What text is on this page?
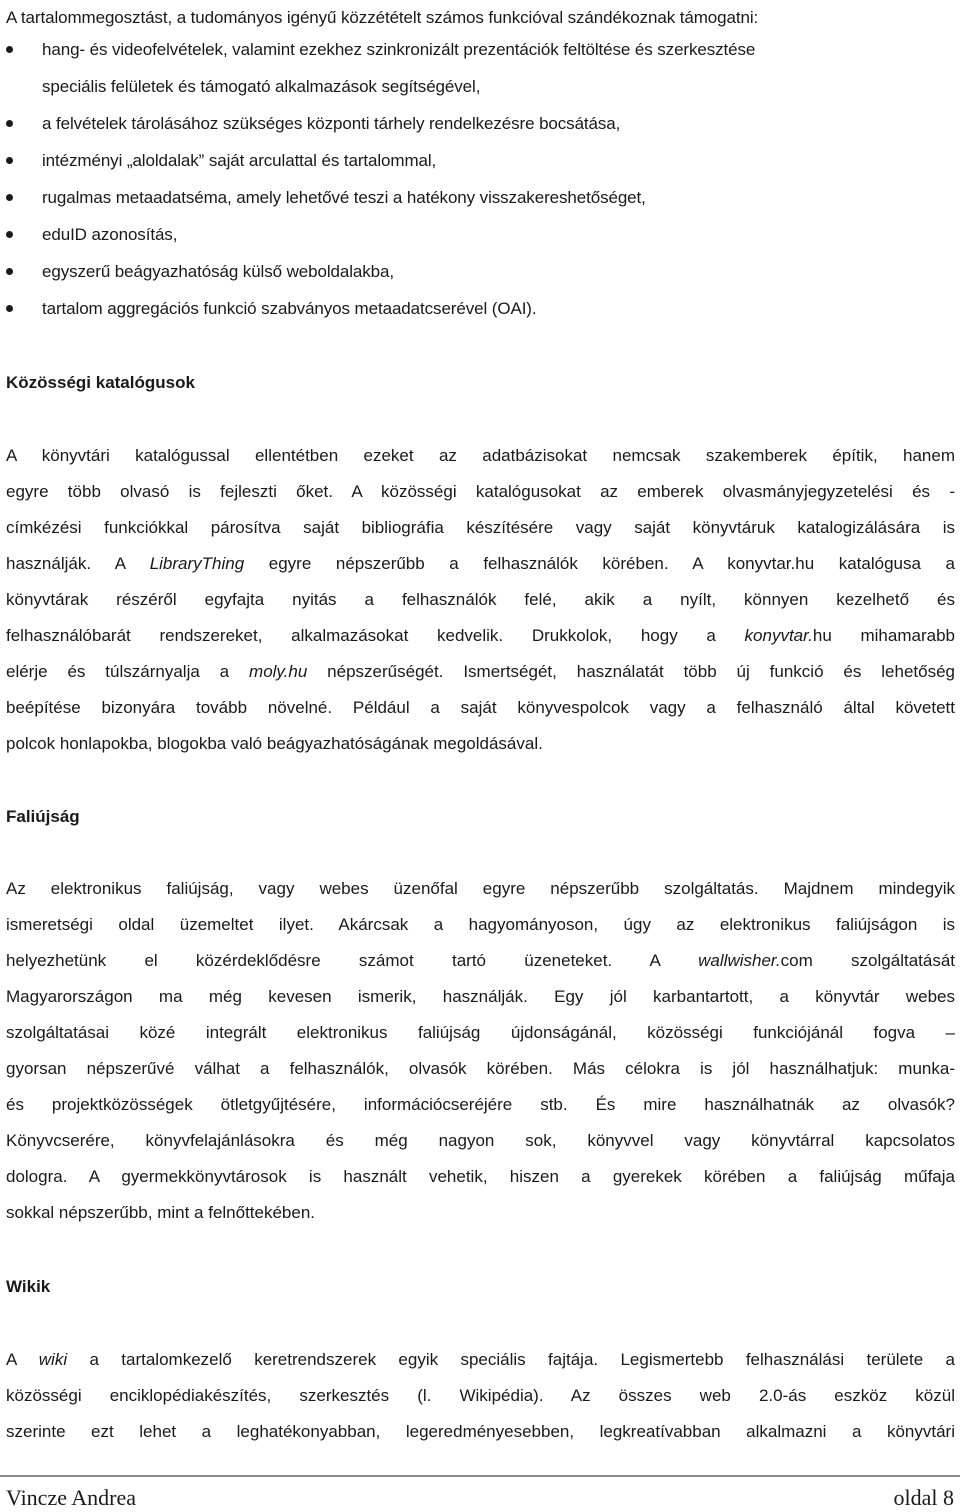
A tartalommegosztást, a tudományos igényű közzétételt számos funkcióval szándékoznak támogatni:
hang- és videofelvételek, valamint ezekhez szinkronizált prezentációk feltöltése és szerkesztése
speciális felületek és támogató alkalmazások segítségével,
a felvételek tárolásához szükséges központi tárhely rendelkezésre bocsátása,
intézményi „aloldalak” saját arculattal és tartalommal,
rugalmas metaadatséma, amely lehetővé teszi a hatékony visszakereshetőséget,
eduID azonosítás,
egyszerű beágyazhatóság külső weboldalakba,
tartalom aggregációs funkció szabványos metaadatcserével (OAI).
Közösségi katalógusok
A könyvtári katalógussal ellentétben ezeket az adatbázisokat nemcsak szakemberek építik, hanem
egyre több olvasó is fejleszti őket. A közösségi katalógusokat az emberek olvasmányjegyzetelési és -
címkézési funkciókkal párosítva saját bibliográfia készítésére vagy saját könyvtáruk katalogizálására is
használják. A LibraryThing egyre népszerűbb a felhasználók körében. A konyvtar.hu katalógusa a
könyvtárak részéről egyfajta nyitás a felhasználók felé, akik a nyílt, könnyen kezelhető és
felhasználóbarát rendszereket, alkalmazásokat kedvelik. Drukkolok, hogy a konyvtar.hu mihamarabb
elérje és túlszárnyalja a moly.hu népszerűségét. Ismertségét, használatát több új funkció és lehetőség
beépítése bizonyára tovább növelné. Például a saját könyvespolcok vagy a felhasználó által követett
polcok honlapokba, blogokba való beágyazhatóságának megoldásával.
Faliújság
Az elektronikus faliújság, vagy webes üzenőfal egyre népszerűbb szolgáltatás. Majdnem mindegyik
ismeretségi oldal üzemeltet ilyet. Akárcsak a hagyományoson, úgy az elektronikus faliújságon is
helyezhetünk el közérdeklődésre számot tartó üzeneteket. A wallwisher.com szolgáltatását
Magyarországon ma még kevesen ismerik, használják. Egy jól karbantartott, a könyvtár webes
szolgáltatásai közé integrált elektronikus faliújság újdonságánál, közösségi funkciójánál fogva –
gyorsan népszerűvé válhat a felhasználók, olvasók körében. Más célokra is jól használhatjuk: munka-
és projektközösségek ötletgyűjtésére, információcseréjére stb. És mire használhatnák az olvasók?
Könyvcserére, könyvfelajánlásokra és még nagyon sok, könyvvel vagy könyvtárral kapcsolatos
dologra. A gyermekkönyvtárosok is használt vehetik, hiszen a gyerekek körében a faliújság műfaja
sokkal népszerűbb, mint a felnőttekében.
Wikik
A wiki a tartalomkezelő keretrendszerek egyik speciális fajtája. Legismertebb felhasználási területe a
közösségi enciklopédiakészítés, szerkesztés (l. Wikipédia). Az összes web 2.0-ás eszköz közül
szerinte ezt lehet a leghatékonyabban, legeredményesebben, legkreatívabban alkalmazni a könyvtári
Vincze Andrea	oldal 8
